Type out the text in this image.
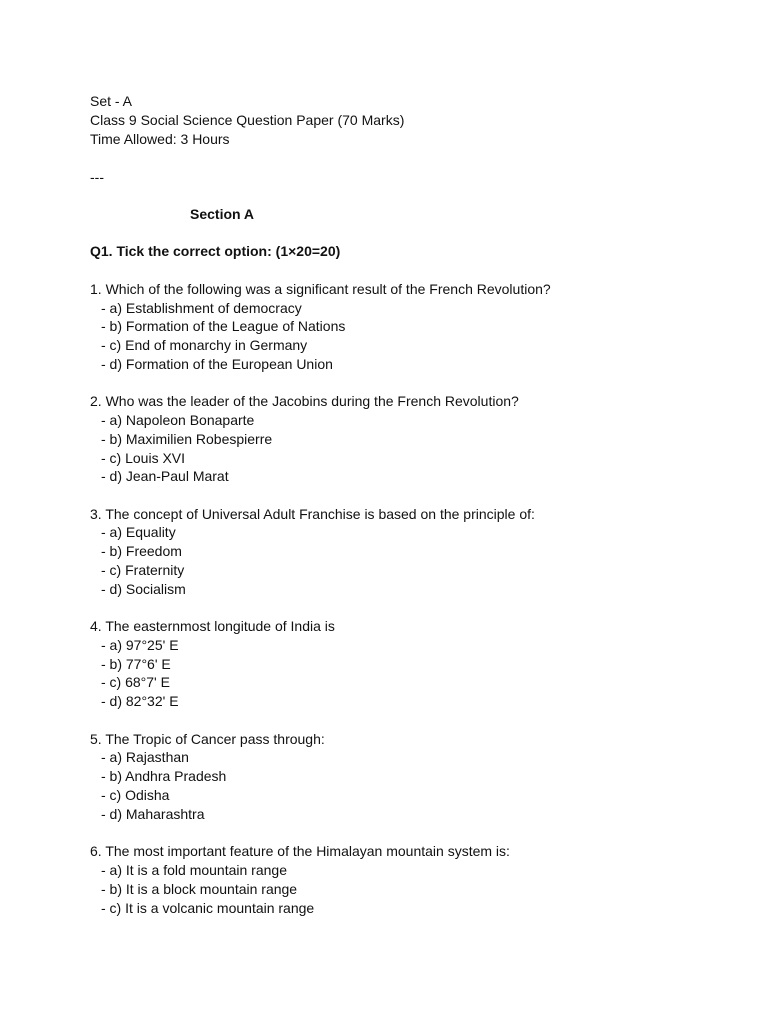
Set - A
Class 9 Social Science Question Paper (70 Marks)
Time Allowed: 3 Hours
---
Section A
Q1. Tick the correct option: (1×20=20)
1. Which of the following was a significant result of the French Revolution?
- a) Establishment of democracy
- b) Formation of the League of Nations
- c) End of monarchy in Germany
- d) Formation of the European Union
2. Who was the leader of the Jacobins during the French Revolution?
- a) Napoleon Bonaparte
- b) Maximilien Robespierre
- c) Louis XVI
- d) Jean-Paul Marat
3. The concept of Universal Adult Franchise is based on the principle of:
- a) Equality
- b) Freedom
- c) Fraternity
- d) Socialism
4. The easternmost longitude of India is
- a) 97°25' E
- b) 77°6' E
- c) 68°7' E
- d) 82°32' E
5. The Tropic of Cancer pass through:
- a) Rajasthan
- b) Andhra Pradesh
- c) Odisha
- d) Maharashtra
6. The most important feature of the Himalayan mountain system is:
- a) It is a fold mountain range
- b) It is a block mountain range
- c) It is a volcanic mountain range
